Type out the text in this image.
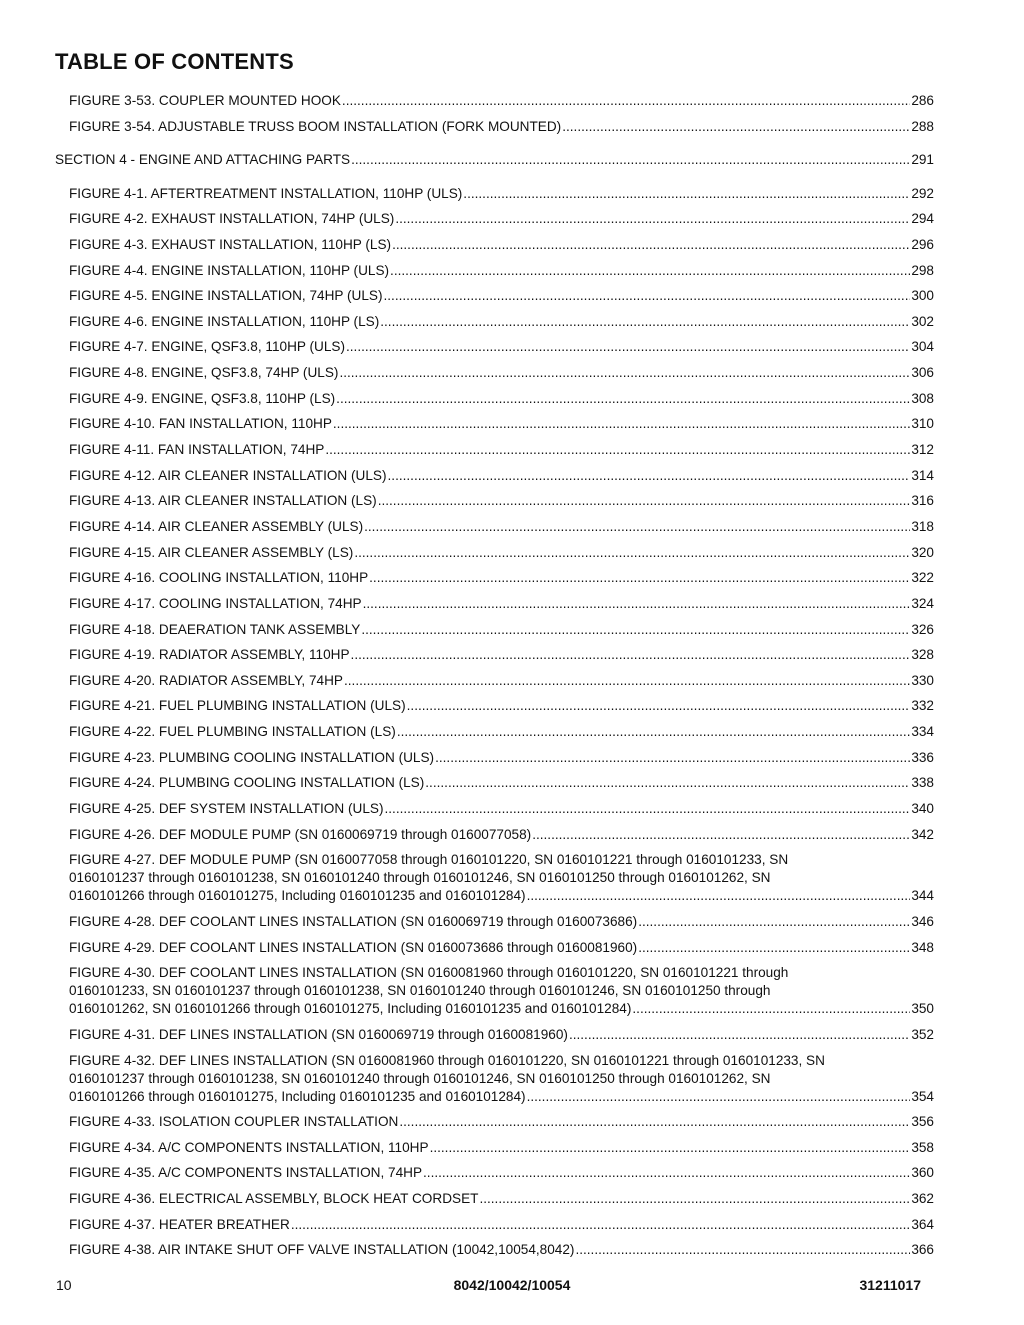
TABLE OF CONTENTS
FIGURE 3-53. COUPLER MOUNTED HOOK .....	286
FIGURE 3-54. ADJUSTABLE TRUSS BOOM INSTALLATION (FORK MOUNTED) .....	288
SECTION 4 - ENGINE AND ATTACHING PARTS .....	291
FIGURE 4-1. AFTERTREATMENT INSTALLATION, 110HP (ULS) .....	292
FIGURE 4-2. EXHAUST INSTALLATION, 74HP (ULS) .....	294
FIGURE 4-3. EXHAUST INSTALLATION, 110HP (LS) .....	296
FIGURE 4-4. ENGINE INSTALLATION, 110HP (ULS) .....	298
FIGURE 4-5. ENGINE INSTALLATION, 74HP (ULS) .....	300
FIGURE 4-6. ENGINE INSTALLATION, 110HP (LS) .....	302
FIGURE 4-7. ENGINE, QSF3.8, 110HP (ULS) .....	304
FIGURE 4-8. ENGINE, QSF3.8, 74HP (ULS) .....	306
FIGURE 4-9. ENGINE, QSF3.8, 110HP (LS) .....	308
FIGURE 4-10. FAN INSTALLATION, 110HP .....	310
FIGURE 4-11. FAN INSTALLATION, 74HP .....	312
FIGURE 4-12. AIR CLEANER INSTALLATION (ULS) .....	314
FIGURE 4-13. AIR CLEANER INSTALLATION (LS) .....	316
FIGURE 4-14. AIR CLEANER ASSEMBLY (ULS) .....	318
FIGURE 4-15. AIR CLEANER ASSEMBLY (LS) .....	320
FIGURE 4-16. COOLING INSTALLATION, 110HP .....	322
FIGURE 4-17. COOLING INSTALLATION, 74HP .....	324
FIGURE 4-18. DEAERATION TANK ASSEMBLY .....	326
FIGURE 4-19. RADIATOR ASSEMBLY, 110HP .....	328
FIGURE 4-20. RADIATOR ASSEMBLY, 74HP .....	330
FIGURE 4-21. FUEL PLUMBING INSTALLATION (ULS) .....	332
FIGURE 4-22. FUEL PLUMBING INSTALLATION (LS) .....	334
FIGURE 4-23. PLUMBING COOLING INSTALLATION (ULS) .....	336
FIGURE 4-24. PLUMBING COOLING INSTALLATION (LS) .....	338
FIGURE 4-25. DEF SYSTEM INSTALLATION (ULS) .....	340
FIGURE 4-26. DEF MODULE PUMP (SN 0160069719 through 0160077058) .....	342
FIGURE 4-27. DEF MODULE PUMP (SN 0160077058 through 0160101220, SN 0160101221 through 0160101233, SN
0160101237 through 0160101238, SN 0160101240 through 0160101246, SN 0160101250 through 0160101262, SN
0160101266 through 0160101275, Including 0160101235 and 0160101284) .....	344
FIGURE 4-28. DEF COOLANT LINES INSTALLATION (SN 0160069719 through 0160073686) .....	346
FIGURE 4-29. DEF COOLANT LINES INSTALLATION (SN 0160073686 through 0160081960) .....	348
FIGURE 4-30. DEF COOLANT LINES INSTALLATION (SN 0160081960 through 0160101220, SN 0160101221 through
0160101233, SN 0160101237 through 0160101238, SN 0160101240 through 0160101246, SN 0160101250 through
0160101262, SN 0160101266 through 0160101275, Including 0160101235 and 0160101284) .....	350
FIGURE 4-31. DEF LINES INSTALLATION (SN 0160069719 through 0160081960) .....	352
FIGURE 4-32. DEF LINES INSTALLATION (SN 0160081960 through 0160101220, SN 0160101221 through 0160101233, SN
0160101237 through 0160101238, SN 0160101240 through 0160101246, SN 0160101250 through 0160101262, SN
0160101266 through 0160101275, Including 0160101235 and 0160101284) .....	354
FIGURE 4-33. ISOLATION COUPLER INSTALLATION .....	356
FIGURE 4-34. A/C COMPONENTS INSTALLATION, 110HP .....	358
FIGURE 4-35. A/C COMPONENTS INSTALLATION, 74HP .....	360
FIGURE 4-36. ELECTRICAL ASSEMBLY, BLOCK HEAT CORDSET .....	362
FIGURE 4-37. HEATER BREATHER .....	364
FIGURE 4-38. AIR INTAKE SHUT OFF VALVE INSTALLATION (10042,10054,8042) .....	366
10	8042/10042/10054	31211017
